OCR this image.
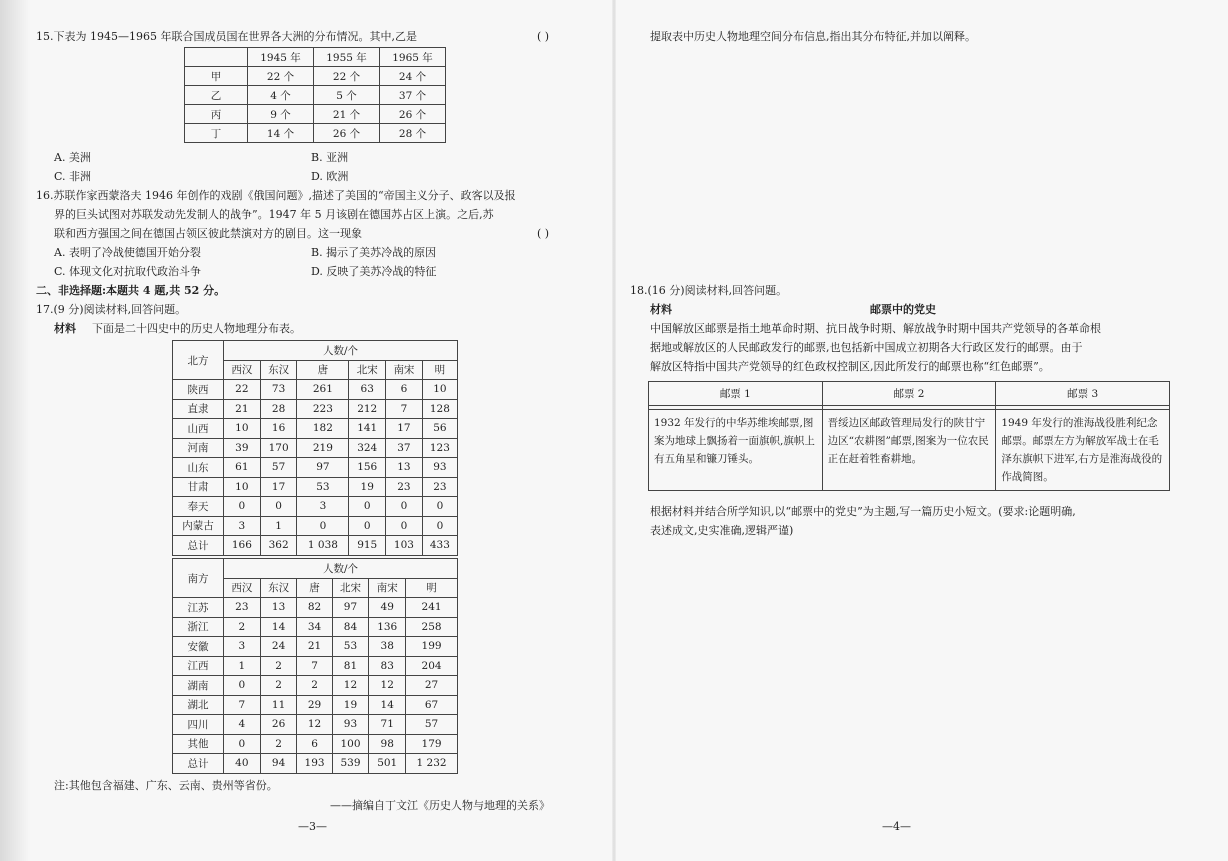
15.下表为 1945—1965 年联合国成员国在世界各大洲的分布情况。其中,乙是	( )
	1945 年	1955 年	1965 年
甲	22 个	22 个	24 个
乙	4 个	5 个	37 个
丙	9 个	21 个	26 个
丁	14 个	26 个	28 个
A. 美洲	B. 亚洲
C. 非洲	D. 欧洲
16.苏联作家西蒙洛夫 1946 年创作的戏剧《俄国问题》,描述了美国的“帝国主义分子、政客以及报
界的巨头试图对苏联发动先发制人的战争”。1947 年 5 月该剧在德国苏占区上演。之后,苏
联和西方强国之间在德国占领区彼此禁演对方的剧目。这一现象	( )
A. 表明了冷战使德国开始分裂	B. 揭示了美苏冷战的原因
C. 体现文化对抗取代政治斗争	D. 反映了美苏冷战的特征
二、非选择题:本题共 4 题,共 52 分。
17.(9 分)阅读材料,回答问题。
材料 下面是二十四史中的历史人物地理分布表。
北方	人数/个					
	西汉	东汉	唐	北宋	南宋	明
陕西	22	73	261	63	6	10
直隶	21	28	223	212	7	128
山西	10	16	182	141	17	56
河南	39	170	219	324	37	123
山东	61	57	97	156	13	93
甘肃	10	17	53	19	23	23
奉天	0	0	3	0	0	0
内蒙古	3	1	0	0	0	0
总计	166	362	1 038	915	103	433
南方	人数/个					
	西汉	东汉	唐	北宋	南宋	明
江苏	23	13	82	97	49	241
浙江	2	14	34	84	136	258
安徽	3	24	21	53	38	199
江西	1	2	7	81	83	204
湖南	0	2	2	12	12	27
湖北	7	11	29	19	14	67
四川	4	26	12	93	71	57
其他	0	2	6	100	98	179
总计	40	94	193	539	501	1 232
注:其他包含福建、广东、云南、贵州等省份。
——摘编自丁文江《历史人物与地理的关系》
—3—
提取表中历史人物地理空间分布信息,指出其分布特征,并加以阐释。
18.(16 分)阅读材料,回答问题。
材料	邮票中的党史
中国解放区邮票是指土地革命时期、抗日战争时期、解放战争时期中国共产党领导的各革命根
据地或解放区的人民邮政发行的邮票,也包括新中国成立初期各大行政区发行的邮票。由于
解放区特指中国共产党领导的红色政权控制区,因此所发行的邮票也称“红色邮票”。
邮票 1	邮票 2	邮票 3

1932 年发行的中华苏维埃邮票,图案为地球上飘扬着一面旗帜,旗帜上有五角星和镰刀锤头。	晋绥边区邮政管理局发行的陕甘宁边区“农耕图”邮票,图案为一位农民正在赶着牲畜耕地。	1949 年发行的淮海战役胜利纪念邮票。邮票左方为解放军战士在毛泽东旗帜下进军,右方是淮海战役的作战简图。
根据材料并结合所学知识,以“邮票中的党史”为主题,写一篇历史小短文。(要求:论题明确,
表述成文,史实准确,逻辑严谨)
—4—
